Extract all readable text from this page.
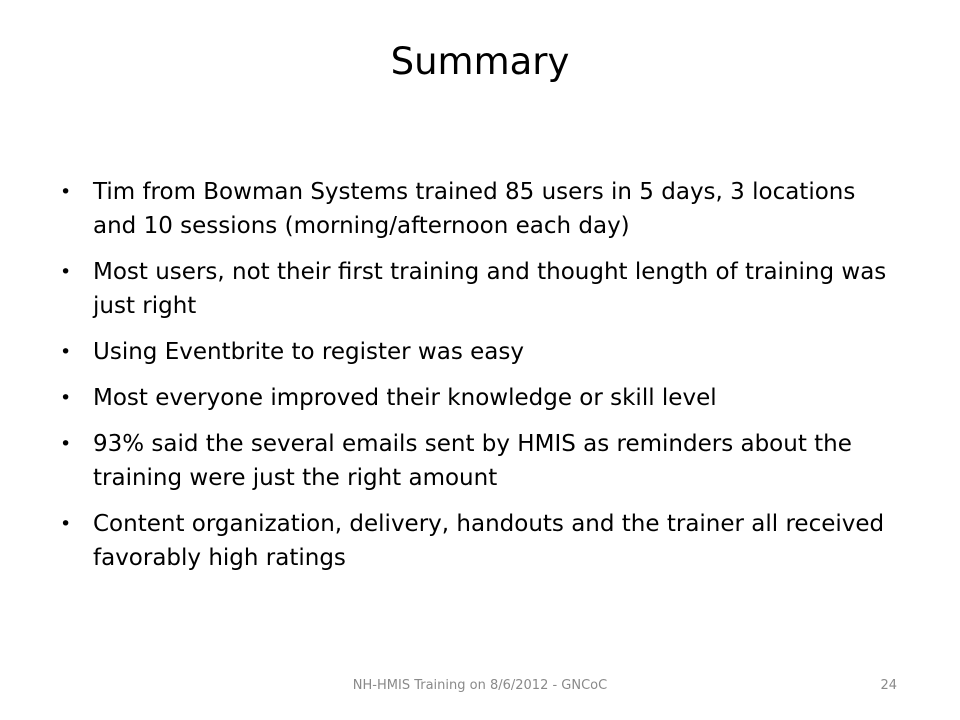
Summary
• Tim from Bowman Systems trained 85 users in 5 days, 3 locations and 10 sessions (morning/afternoon each day)
• Most users, not their first training and thought length of training was just right
• Using Eventbrite to register was easy
• Most everyone improved their knowledge or skill level
• 93% said the several emails sent by HMIS as reminders about the training were just the right amount
• Content organization, delivery, handouts and the trainer all received favorably high ratings
NH-HMIS Training on 8/6/2012 - GNCoC	24
